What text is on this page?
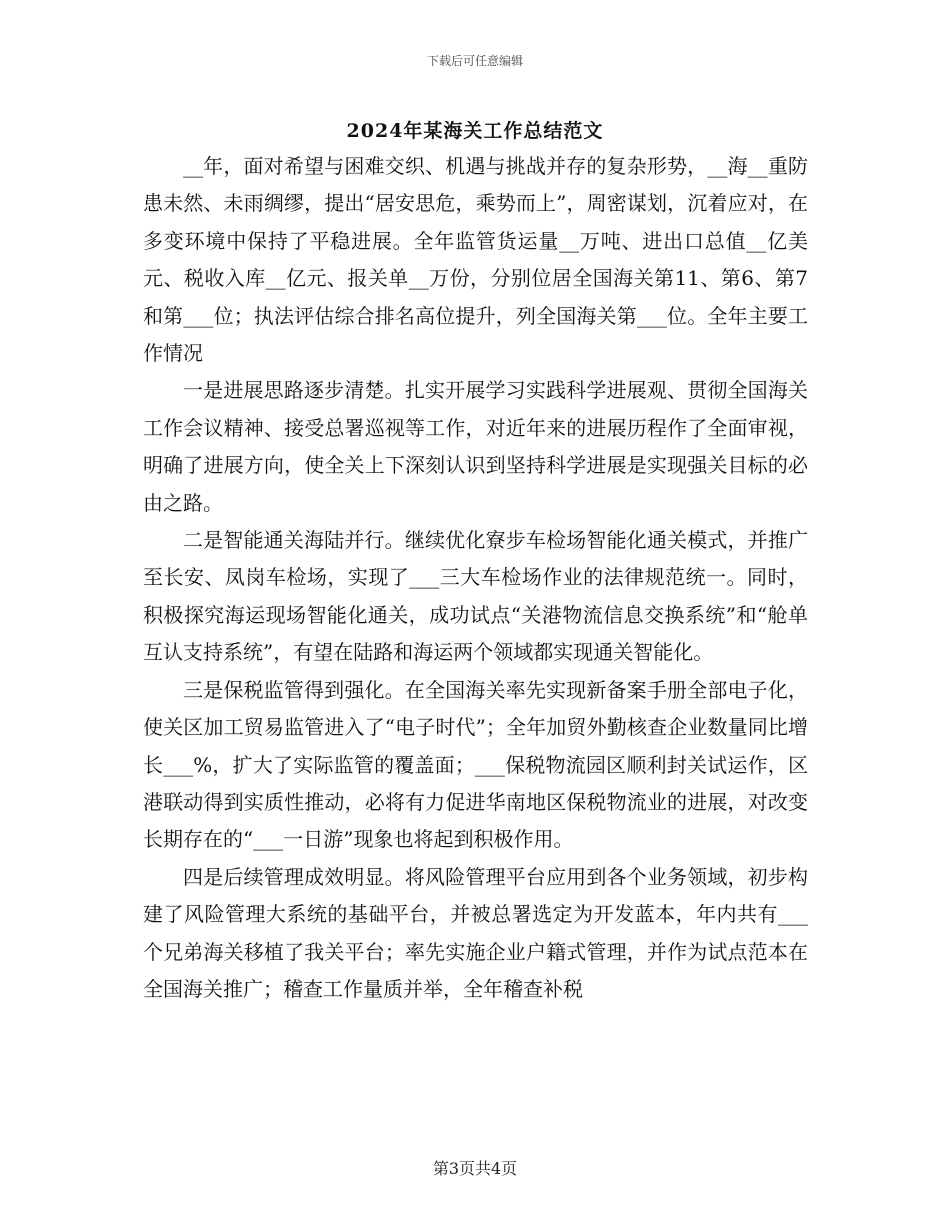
下载后可任意编辑
2024年某海关工作总结范文

__年，面对希望与困难交织、机遇与挑战并存的复杂形势，__海__重防患未然、未雨绸缪，提出“居安思危，乘势而上”，周密谋划，沉着应对，在多变环境中保持了平稳进展。全年监管货运量__万吨、进出口总值__亿美元、税收入库__亿元、报关单__万份，分别位居全国海关第11、第6、第7和第___位；执法评估综合排名高位提升，列全国海关第___位。全年主要工作情况

一是进展思路逐步清楚。扎实开展学习实践科学进展观、贯彻全国海关工作会议精神、接受总署巡视等工作，对近年来的进展历程作了全面审视，明确了进展方向，使全关上下深刻认识到坚持科学进展是实现强关目标的必由之路。

二是智能通关海陆并行。继续优化寮步车检场智能化通关模式，并推广至长安、凤岗车检场，实现了___三大车检场作业的法律规范统一。同时，积极探究海运现场智能化通关，成功试点“关港物流信息交换系统”和“舱单互认支持系统”，有望在陆路和海运两个领域都实现通关智能化。

三是保税监管得到强化。在全国海关率先实现新备案手册全部电子化，使关区加工贸易监管进入了“电子时代”；全年加贸外勤核查企业数量同比增长___%，扩大了实际监管的覆盖面；___保税物流园区顺利封关试运作，区港联动得到实质性推动，必将有力促进华南地区保税物流业的进展，对改变长期存在的“___一日游”现象也将起到积极作用。

四是后续管理成效明显。将风险管理平台应用到各个业务领域，初步构建了风险管理大系统的基础平台，并被总署选定为开发蓝本，年内共有___个兄弟海关移植了我关平台；率先实施企业户籍式管理，并作为试点范本在全国海关推广；稽查工作量质并举，全年稽查补税

第3页共4页
